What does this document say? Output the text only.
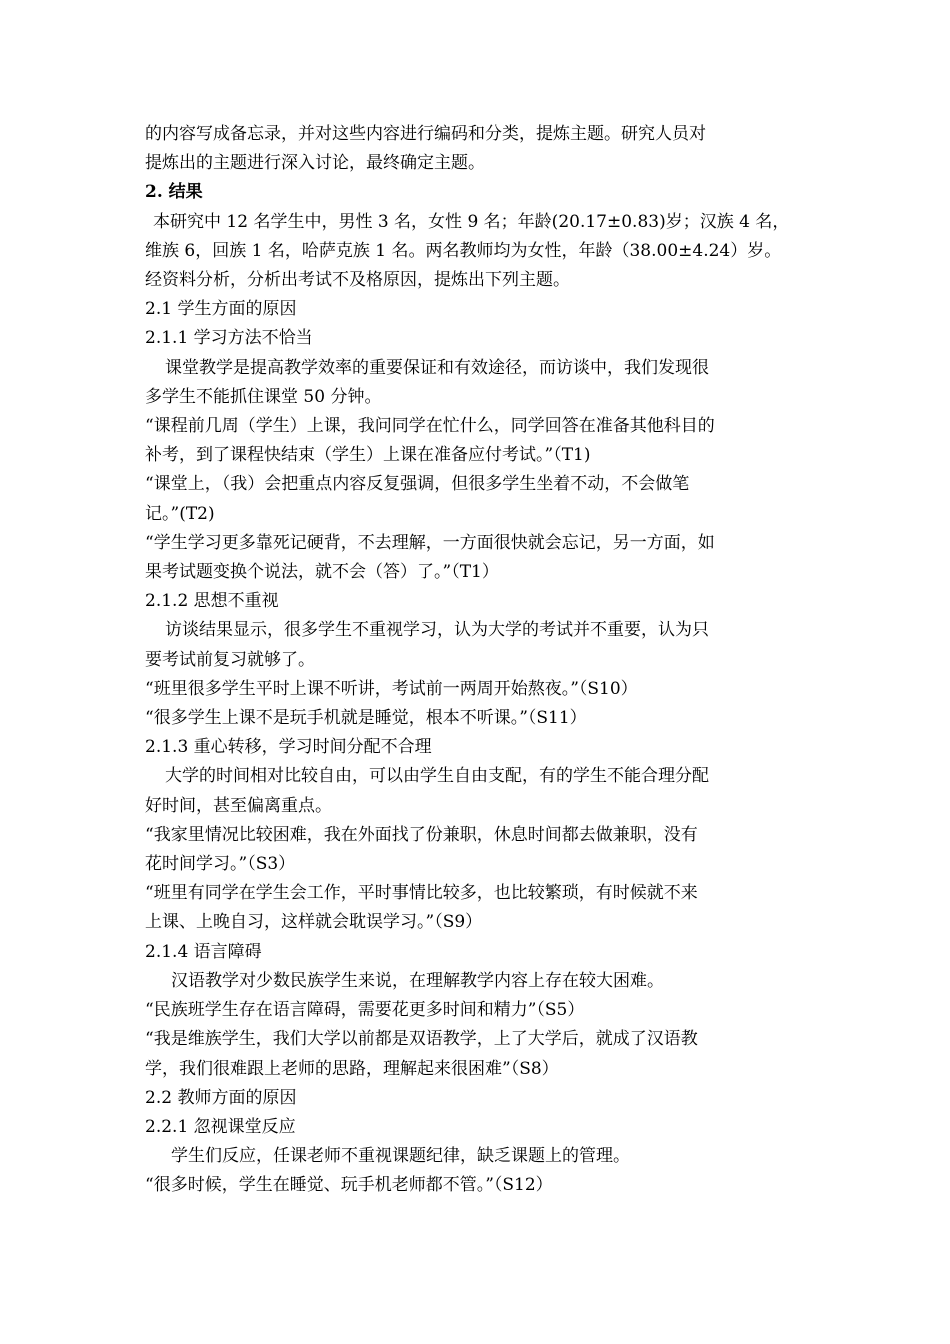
的内容写成备忘录，并对这些内容进行编码和分类，提炼主题。研究人员对
提炼出的主题进行深入讨论，最终确定主题。
2. 结果
本研究中 12 名学生中，男性 3 名，女性 9 名；年龄(20.17±0.83)岁；汉族 4 名，
维族 6，回族 1 名，哈萨克族 1 名。两名教师均为女性，年龄（38.00±4.24）岁。
经资料分析，分析出考试不及格原因，提炼出下列主题。
2.1 学生方面的原因
2.1.1 学习方法不恰当
课堂教学是提高教学效率的重要保证和有效途径，而访谈中，我们发现很
多学生不能抓住课堂 50 分钟。
“课程前几周（学生）上课，我问同学在忙什么，同学回答在准备其他科目的
补考，到了课程快结束（学生）上课在准备应付考试。”（T1)
“课堂上，（我）会把重点内容反复强调，但很多学生坐着不动，不会做笔
记。”(T2)
“学生学习更多靠死记硬背，不去理解，一方面很快就会忘记，另一方面，如
果考试题变换个说法，就不会（答）了。”（T1）
2.1.2 思想不重视
访谈结果显示，很多学生不重视学习，认为大学的考试并不重要，认为只
要考试前复习就够了。
“班里很多学生平时上课不听讲，考试前一两周开始熬夜。”（S10）
“很多学生上课不是玩手机就是睡觉，根本不听课。”（S11）
2.1.3 重心转移，学习时间分配不合理
大学的时间相对比较自由，可以由学生自由支配，有的学生不能合理分配
好时间，甚至偏离重点。
“我家里情况比较困难，我在外面找了份兼职，休息时间都去做兼职，没有
花时间学习。”（S3）
“班里有同学在学生会工作，平时事情比较多，也比较繁琐，有时候就不来
上课、上晚自习，这样就会耽误学习。”（S9）
2.1.4 语言障碍
汉语教学对少数民族学生来说，在理解教学内容上存在较大困难。
“民族班学生存在语言障碍，需要花更多时间和精力”（S5）
“我是维族学生，我们大学以前都是双语教学，上了大学后，就成了汉语教
学，我们很难跟上老师的思路，理解起来很困难”（S8）
2.2 教师方面的原因
2.2.1 忽视课堂反应
学生们反应，任课老师不重视课题纪律，缺乏课题上的管理。
“很多时候，学生在睡觉、玩手机老师都不管。”（S12）
